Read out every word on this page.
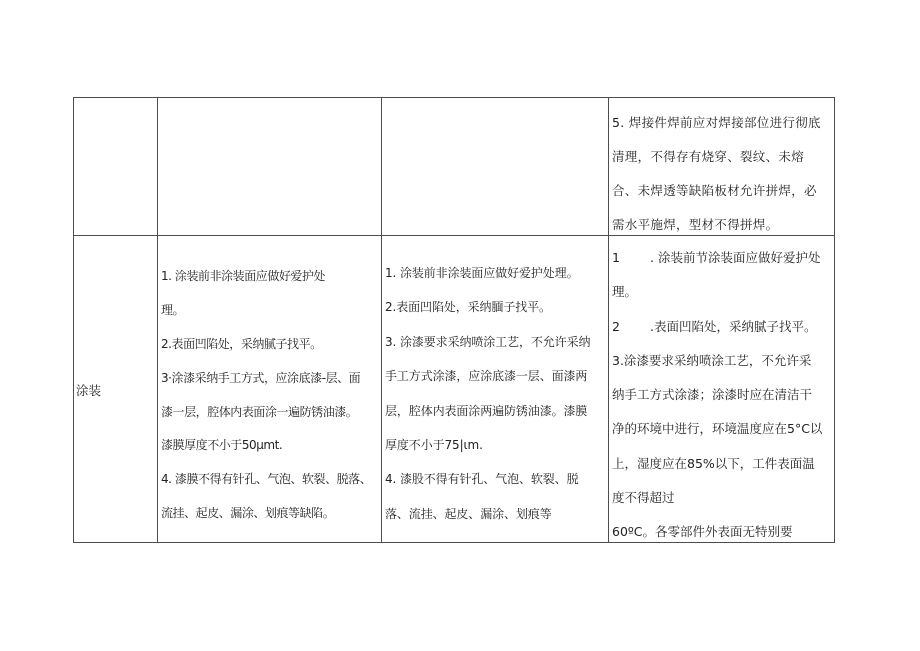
5. 焊接件焊前应对焊接部位进行彻底
清理，不得存有烧穿、裂纹、未熔
合、未焊透等缺陷板材允许拼焊，必
需水平施焊，型材不得拼焊。
涂装
1. 涂装前非涂装面应做好爱护处
理。
2.表面凹陷处，采纳腻子找平。
3·涂漆采纳手工方式，应涂底漆-层、面
漆一层，腔体内表面涂一遍防锈油漆。
漆膜厚度不小于50μmt.
4. 漆膜不得有针孔、气泡、软裂、脱落、
流挂、起皮、漏涂、划痕等缺陷。
1. 涂装前非涂装面应做好爱护处理。
2.表面凹陷处，采纳腼子找平。
3. 涂漆要求采纳喷涂工艺，不允许采纳
手工方式涂漆，应涂底漆一层、面漆两
层，腔体内表面涂两遍防锈油漆。漆膜
厚度不小于75|ιm.
4. 漆股不得有针孔、气泡、软裂、脱
落、流挂、起皮、漏涂、划痕等
1 . 涂装前节涂装面应做好爱护处
理。
2 .表面凹陷处，采纳腻子找平。
3.涂漆要求采纳喷涂工艺，不允许采
纳手工方式涂漆；涂漆时应在清洁干
净的环境中进行，环境温度应在5°C以
上，湿度应在85%以下，工件表面温
度不得超过
60ºC。各零部件外表面无特别要
